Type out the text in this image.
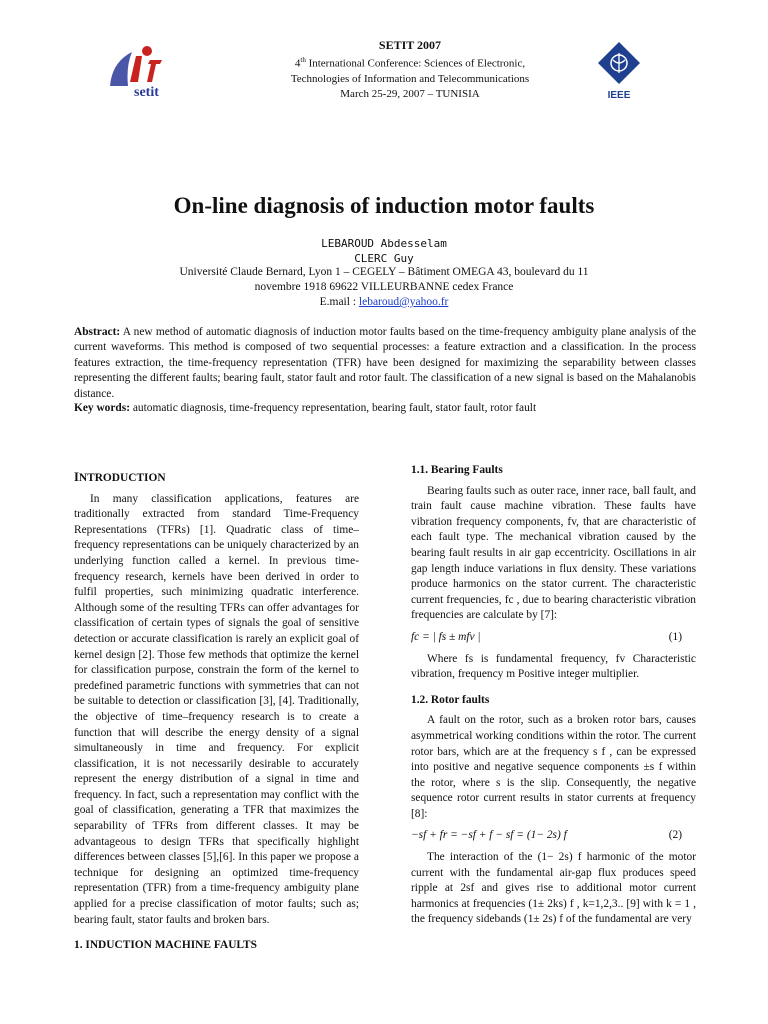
setit
SETIT 2007
4th International Conference: Sciences of Electronic,
Technologies of Information and Telecommunications
March 25-29, 2007 – TUNISIA	IEEE
On-line diagnosis of induction motor faults
LEBAROUD Abdesselam
CLERC Guy
Université Claude Bernard, Lyon 1 – CEGELY – Bâtiment OMEGA 43, boulevard du 11
novembre 1918 69622 VILLEURBANNE cedex France
E.mail : lebaroud@yahoo.fr
Abstract: A new method of automatic diagnosis of induction motor faults based on the time-frequency ambiguity plane analysis of the current waveforms. This method is composed of two sequential processes: a feature extraction and a classification. In the process features extraction, the time-frequency representation (TFR) have been designed for maximizing the separability between classes representing the different faults; bearing fault, stator fault and rotor fault. The classification of a new signal is based on the Mahalanobis distance.
Key words: automatic diagnosis, time-frequency representation, bearing fault, stator fault, rotor fault
INTRODUCTION

In many classification applications, features are traditionally extracted from standard Time-Frequency Representations (TFRs) [1]. Quadratic class of time–frequency representations can be uniquely characterized by an underlying function called a kernel. In previous time-frequency research, kernels have been derived in order to fulfil properties, such minimizing quadratic interference. Although some of the resulting TFRs can offer advantages for classification of certain types of signals the goal of sensitive detection or accurate classification is rarely an explicit goal of kernel design [2]. Those few methods that optimize the kernel for classification purpose, constrain the form of the kernel to predefined parametric functions with symmetries that can not be suitable to detection or classification [3], [4]. Traditionally, the objective of time–frequency research is to create a function that will describe the energy density of a signal simultaneously in time and frequency. For explicit classification, it is not necessarily desirable to accurately represent the energy distribution of a signal in time and frequency. In fact, such a representation may conflict with the goal of classification, generating a TFR that maximizes the separability of TFRs from different classes. It may be advantageous to design TFRs that specifically highlight differences between classes [5],[6]. In this paper we propose a technique for designing an optimized time-frequency representation (TFR) from a time-frequency ambiguity plane applied for a precise classification of motor faults; such as; bearing fault, stator faults and broken bars.

1. INDUCTION MACHINE FAULTS
1.1. Bearing Faults

Bearing faults such as outer race, inner race, ball fault, and train fault cause machine vibration. These faults have vibration frequency components, fv, that are characteristic of each fault type. The mechanical vibration caused by the bearing fault results in air gap eccentricity. Oscillations in air gap length induce variations in flux density. These variations produce harmonics on the stator current. The characteristic current frequencies, fc , due to bearing characteristic vibration frequencies are calculate by [7]:

fc = | fs ± mfv |	(1)

Where fs is fundamental frequency, fv Characteristic vibration, frequency m Positive integer multiplier.

1.2. Rotor faults

A fault on the rotor, such as a broken rotor bars, causes asymmetrical working conditions within the rotor. The current rotor bars, which are at the frequency s f , can be expressed into positive and negative sequence components ±s f within the rotor, where s is the slip. Consequently, the negative sequence rotor current results in stator currents at frequency [8]:

−sf + fr = −sf + f − sf = (1− 2s) f	(2)

The interaction of the (1− 2s) f harmonic of the motor current with the fundamental air-gap flux produces speed ripple at 2sf and gives rise to additional motor current harmonics at frequencies (1± 2ks) f , k=1,2,3.. [9] with k = 1 , the frequency sidebands (1± 2s) f of the fundamental are very
